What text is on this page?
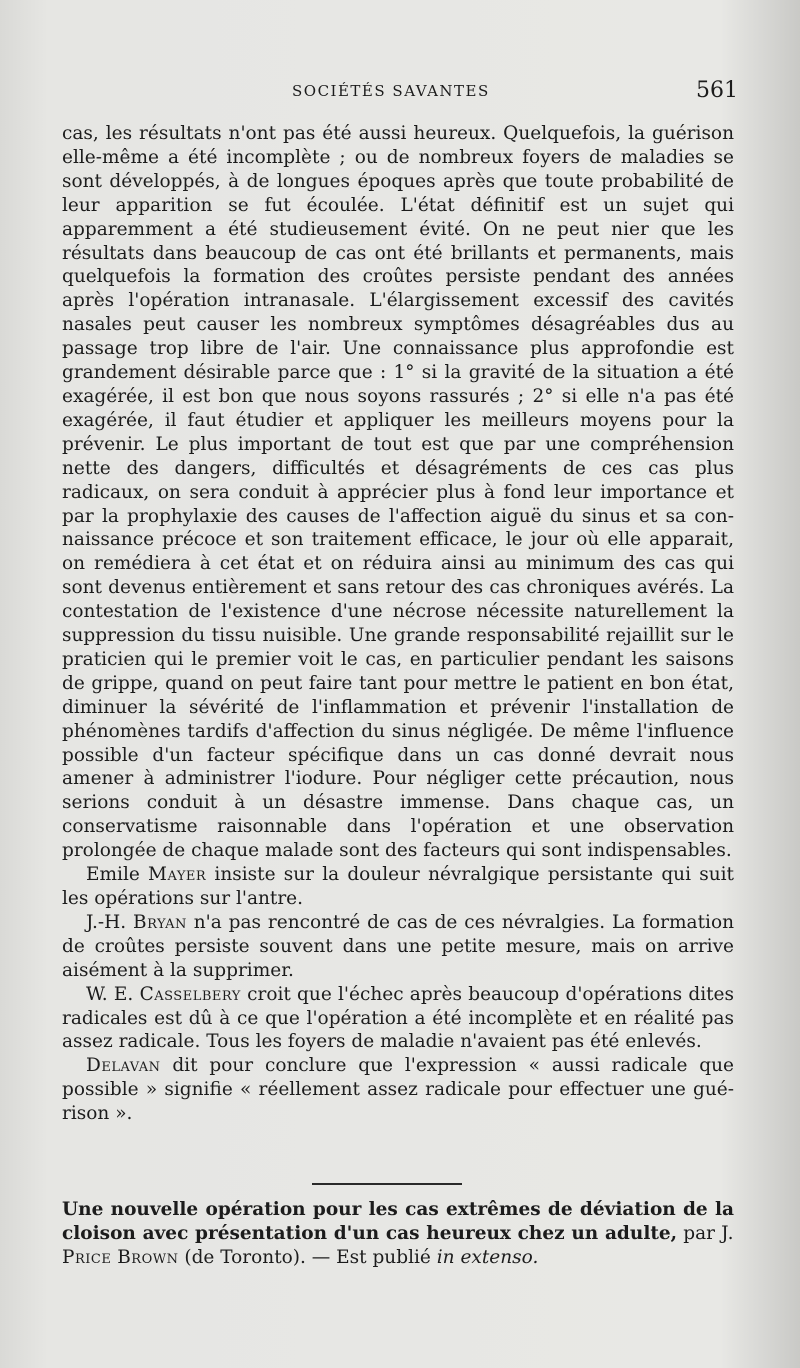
SOCIÉTÉS SAVANTES	561

cas, les résultats n'ont pas été aussi heureux. Quelquefois, la guérison elle-même a été incomplète ; ou de nombreux foyers de maladies se sont développés, à de longues époques après que toute probabilité de leur apparition se fut écoulée. L'état définitif est un sujet qui apparemment a été studieusement évité. On ne peut nier que les résultats dans beaucoup de cas ont été brillants et permanents, mais quelquefois la formation des croûtes persiste pendant des années après l'opération intranasale. L'élargissement excessif des cavités nasales peut causer les nombreux symptômes désagréables dus au passage trop libre de l'air. Une connaissance plus approfondie est grandement désirable parce que : 1° si la gravité de la situation a été exagérée, il est bon que nous soyons rassurés ; 2° si elle n'a pas été exagérée, il faut étudier et appliquer les meilleurs moyens pour la prévenir. Le plus important de tout est que par une compréhension nette des dangers, difficultés et désagréments de ces cas plus radicaux, on sera conduit à apprécier plus à fond leur importance et par la prophylaxie des causes de l'affection aiguë du sinus et sa connaissance précoce et son traitement efficace, le jour où elle apparait, on remédiera à cet état et on réduira ainsi au minimum des cas qui sont devenus entièrement et sans retour des cas chroniques avérés. La contestation de l'existence d'une nécrose nécessite naturellement la suppression du tissu nuisible. Une grande responsabilité rejaillit sur le praticien qui le premier voit le cas, en particulier pendant les saisons de grippe, quand on peut faire tant pour mettre le patient en bon état, diminuer la sévérité de l'inflammation et prévenir l'installation de phénomènes tardifs d'affection du sinus négligée. De même l'influence possible d'un facteur spécifique dans un cas donné devrait nous amener à administrer l'iodure. Pour négliger cette précaution, nous serions conduit à un désastre immense. Dans chaque cas, un conservatisme raisonnable dans l'opération et une observation prolongée de chaque malade sont des facteurs qui sont indispensables.

Emile Mayer insiste sur la douleur névralgique persistante qui suit les opérations sur l'antre.

J.-H. Bryan n'a pas rencontré de cas de ces névralgies. La formation de croûtes persiste souvent dans une petite mesure, mais on arrive aisément à la supprimer.

W. E. Casselbery croit que l'échec après beaucoup d'opérations dites radicales est dû à ce que l'opération a été incomplète et en réalité pas assez radicale. Tous les foyers de maladie n'avaient pas été enlevés.

Delavan dit pour conclure que l'expression « aussi radicale que possible » signifie « réellement assez radicale pour effectuer une guérison ».

Une nouvelle opération pour les cas extrêmes de déviation de la cloison avec présentation d'un cas heureux chez un adulte, par J. Price Brown (de Toronto). — Est publié in extenso.
